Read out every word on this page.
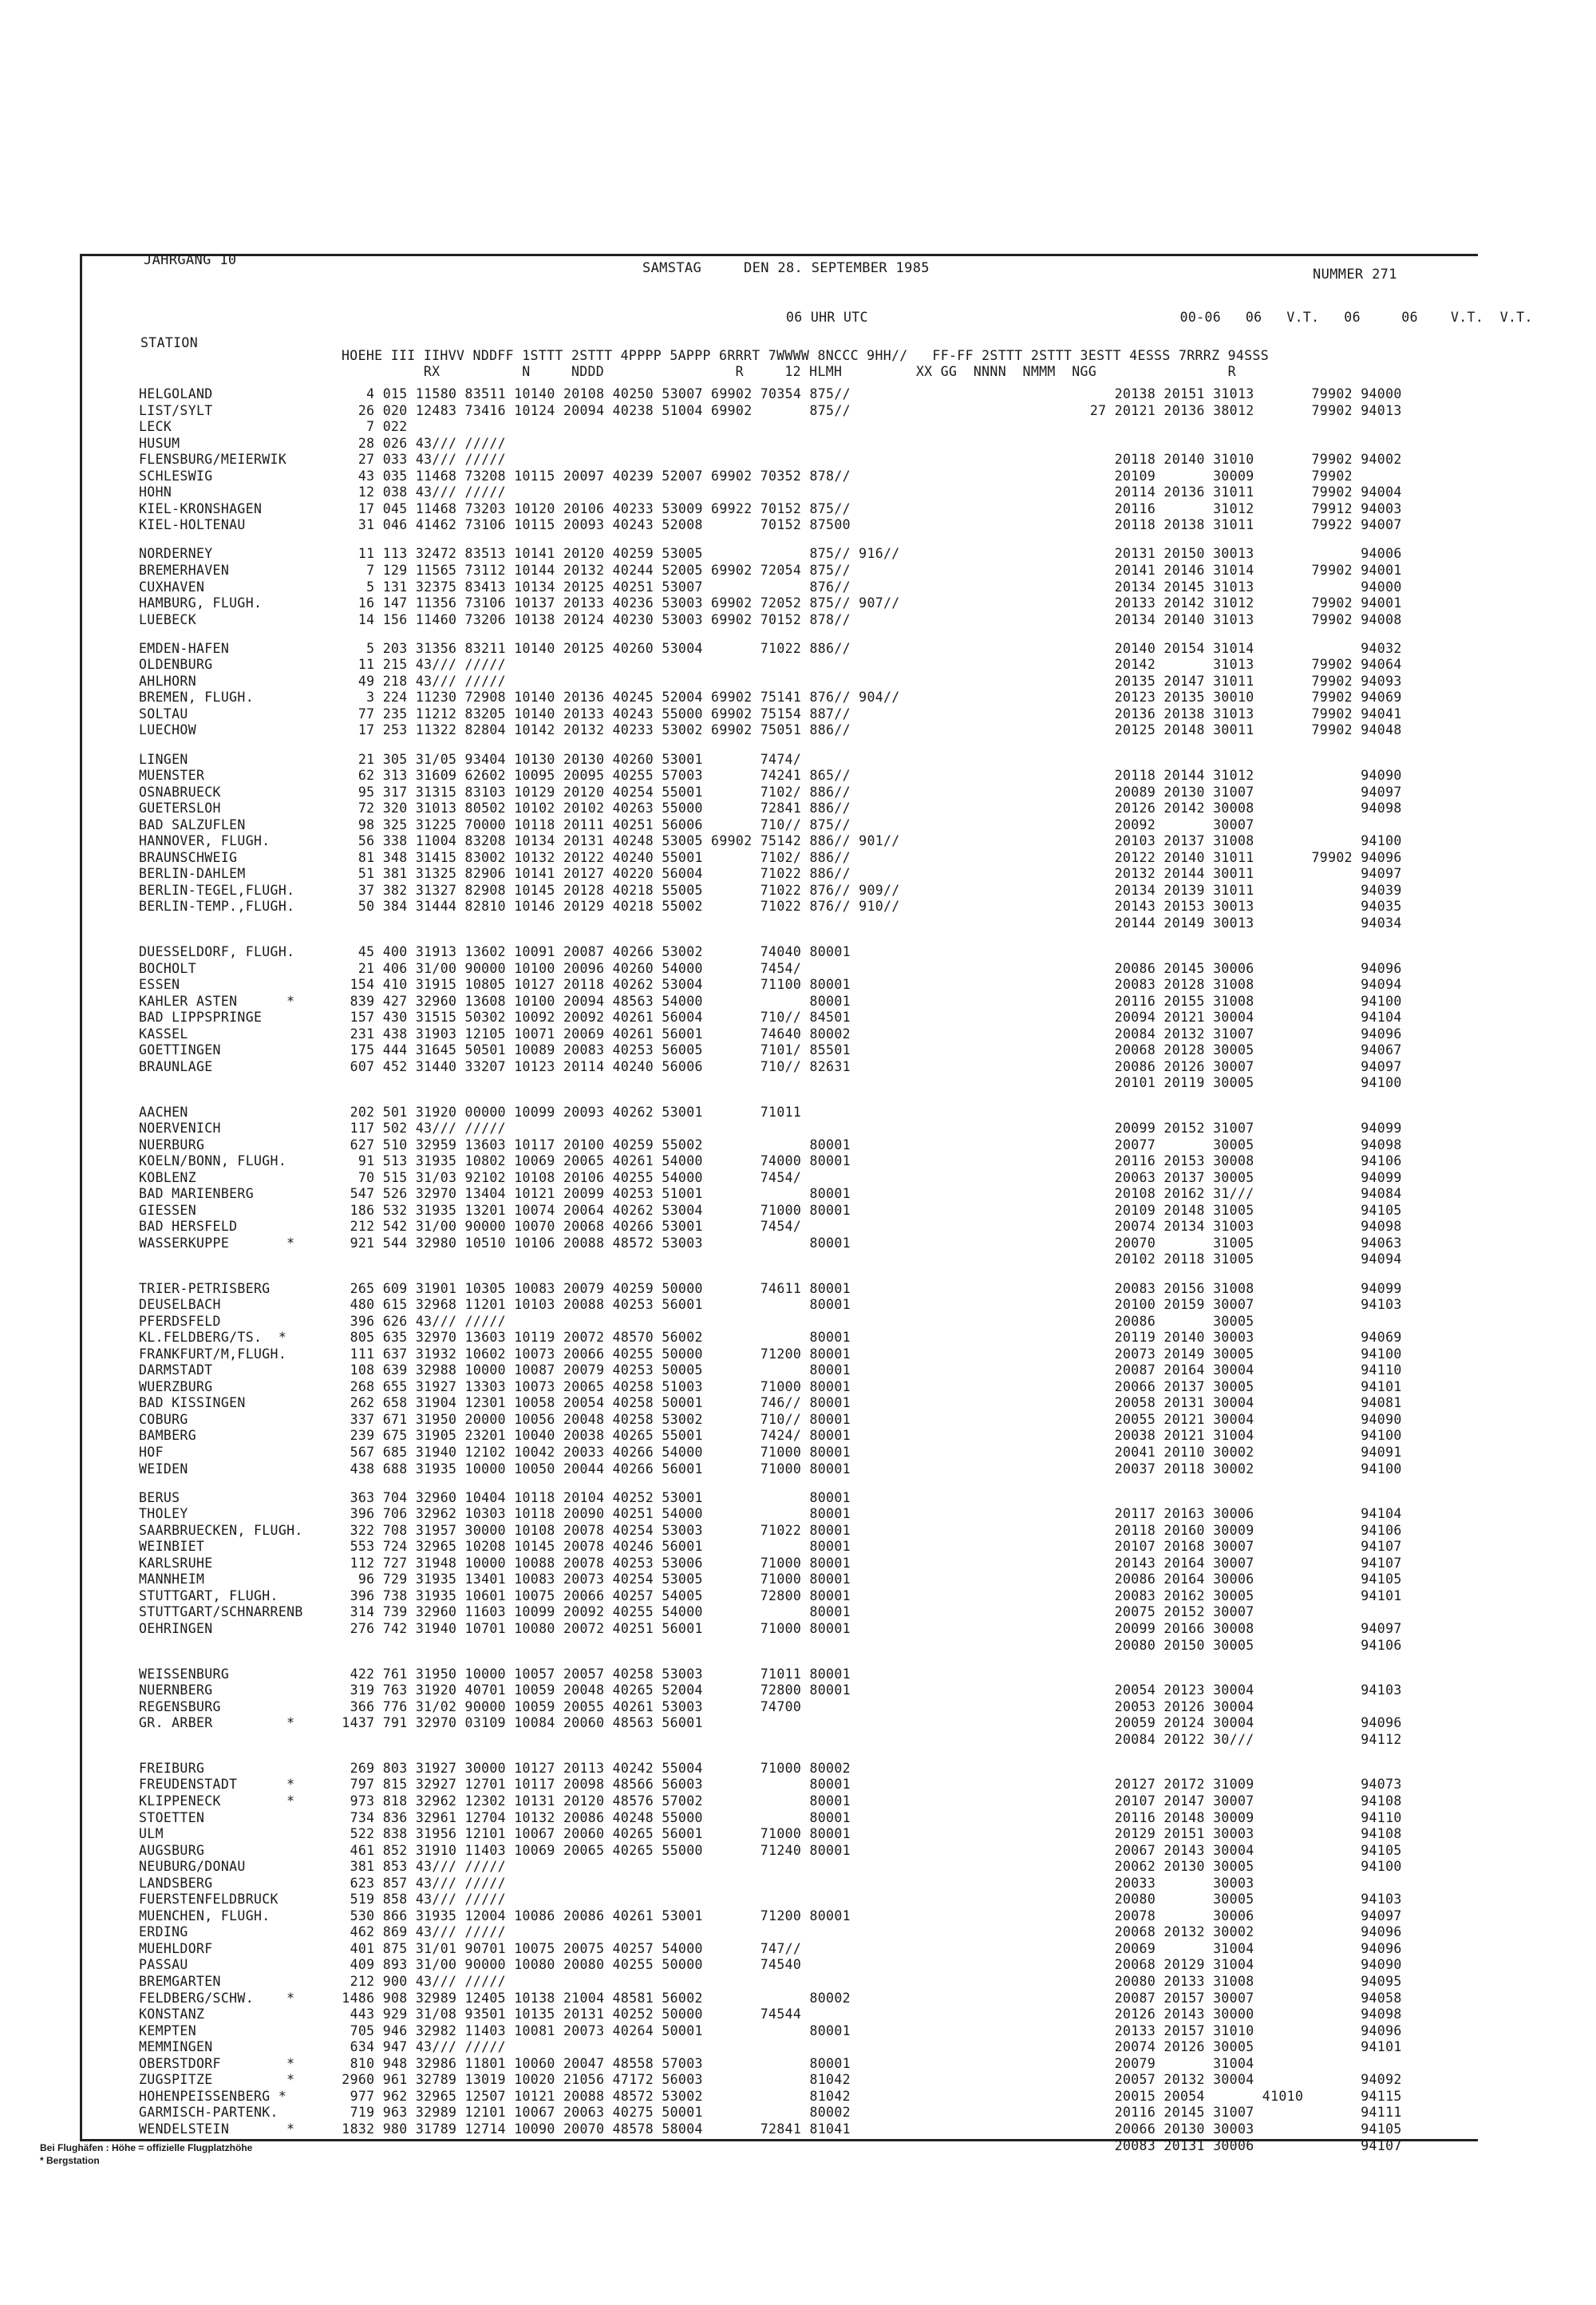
JAHRGANG 10	SAMSTAG     DEN 28. SEPTEMBER 1985	NUMMER 271
06 UHR UTC                                      00-06   06   V.T.   06     06    V.T.  V.T.
STATION
HOEHE III IIHVV NDDFF 1STTT 2STTT 4PPPP 5APPP 6RRRT 7WWWW 8NCCC 9HH//   FF-FF 2STTT 2STTT 3ESTT 4ESSS 7RRRZ 94SSS
RX          N     NDDD                R     12 HLMH         XX GG  NNNN  NMMM  NGG                R
HELGOLAND	4 015 11580 83511 10140 20108 40250 53007 69902 70354 875//	20138 20151 31013       79902 94000
LIST/SYLT	26 020 12483 73416 10124 20094 40238 51004 69902       875//	27 20121 20136 38012       79902 94013
LECK	7 022
HUSUM	28 026 43/// /////
FLENSBURG/MEIERWIK	27 033 43/// /////	20118 20140 31010       79902 94002
SCHLESWIG	43 035 11468 73208 10115 20097 40239 52007 69902 70352 878//	20109       30009       79902
HOHN	12 038 43/// /////	20114 20136 31011       79902 94004
KIEL-KRONSHAGEN	17 045 11468 73203 10120 20106 40233 53009 69922 70152 875//	20116       31012       79912 94003
KIEL-HOLTENAU	31 046 41462 73106 10115 20093 40243 52008       70152 87500	20118 20138 31011       79922 94007
NORDERNEY	11 113 32472 83513 10141 20120 40259 53005             875// 916//	20131 20150 30013             94006
BREMERHAVEN	7 129 11565 73112 10144 20132 40244 52005 69902 72054 875//	20141 20146 31014       79902 94001
CUXHAVEN	5 131 32375 83413 10134 20125 40251 53007             876//	20134 20145 31013             94000
HAMBURG, FLUGH.	16 147 11356 73106 10137 20133 40236 53003 69902 72052 875// 907//	20133 20142 31012       79902 94001
LUEBECK	14 156 11460 73206 10138 20124 40230 53003 69902 70152 878//	20134 20140 31013       79902 94008
EMDEN-HAFEN	5 203 31356 83211 10140 20125 40260 53004       71022 886//	20140 20154 31014             94032
OLDENBURG	11 215 43/// /////	20142       31013       79902 94064
AHLHORN	49 218 43/// /////	20135 20147 31011       79902 94093
BREMEN, FLUGH.	3 224 11230 72908 10140 20136 40245 52004 69902 75141 876// 904//	20123 20135 30010       79902 94069
SOLTAU	77 235 11212 83205 10140 20133 40243 55000 69902 75154 887//	20136 20138 31013       79902 94041
LUECHOW	17 253 11322 82804 10142 20132 40233 53002 69902 75051 886//	20125 20148 30011       79902 94048
LINGEN	21 305 31/05 93404 10130 20130 40260 53001       7474/
MUENSTER	62 313 31609 62602 10095 20095 40255 57003       74241 865//	20118 20144 31012             94090
OSNABRUECK	95 317 31315 83103 10129 20120 40254 55001       7102/ 886//	20089 20130 31007             94097
GUETERSLOH	72 320 31013 80502 10102 20102 40263 55000       72841 886//	20126 20142 30008             94098
BAD SALZUFLEN	98 325 31225 70000 10118 20111 40251 56006       710// 875//	20092       30007
HANNOVER, FLUGH.	56 338 11004 83208 10134 20131 40248 53005 69902 75142 886// 901//	20103 20137 31008             94100
BRAUNSCHWEIG	81 348 31415 83002 10132 20122 40240 55001       7102/ 886//	20122 20140 31011       79902 94096
BERLIN-DAHLEM	51 381 31325 82906 10141 20127 40220 56004       71022 886//	20132 20144 30011             94097
BERLIN-TEGEL,FLUGH.	37 382 31327 82908 10145 20128 40218 55005       71022 876// 909//	20134 20139 31011             94039
BERLIN-TEMP.,FLUGH.	50 384 31444 82810 10146 20129 40218 55002       71022 876// 910//	20143 20153 30013             94035
20144 20149 30013             94034
DUESSELDORF, FLUGH.	45 400 31913 13602 10091 20087 40266 53002       74040 80001
BOCHOLT	21 406 31/00 90000 10100 20096 40260 54000       7454/	20086 20145 30006             94096
ESSEN	154 410 31915 10805 10127 20118 40262 53004       71100 80001	20083 20128 31008             94094
KAHLER ASTEN      *	839 427 32960 13608 10100 20094 48563 54000             80001	20116 20155 31008             94100
BAD LIPPSPRINGE	157 430 31515 50302 10092 20092 40261 56004       710// 84501	20094 20121 30004             94104
KASSEL	231 438 31903 12105 10071 20069 40261 56001       74640 80002	20084 20132 31007             94096
GOETTINGEN	175 444 31645 50501 10089 20083 40253 56005       7101/ 85501	20068 20128 30005             94067
BRAUNLAGE	607 452 31440 33207 10123 20114 40240 56006       710// 82631	20086 20126 30007             94097
20101 20119 30005             94100
AACHEN	202 501 31920 00000 10099 20093 40262 53001       71011
NOERVENICH	117 502 43/// /////	20099 20152 31007             94099
NUERBURG	627 510 32959 13603 10117 20100 40259 55002             80001	20077       30005             94098
KOELN/BONN, FLUGH.	91 513 31935 10802 10069 20065 40261 54000       74000 80001	20116 20153 30008             94106
KOBLENZ	70 515 31/03 92102 10108 20106 40255 54000       7454/	20063 20137 30005             94099
BAD MARIENBERG	547 526 32970 13404 10121 20099 40253 51001             80001	20108 20162 31///             94084
GIESSEN	186 532 31935 13201 10074 20064 40262 53004       71000 80001	20109 20148 31005             94105
BAD HERSFELD	212 542 31/00 90000 10070 20068 40266 53001       7454/	20074 20134 31003             94098
WASSERKUPPE       *	921 544 32980 10510 10106 20088 48572 53003             80001	20070       31005             94063
20102 20118 31005             94094
TRIER-PETRISBERG	265 609 31901 10305 10083 20079 40259 50000       74611 80001	20083 20156 31008             94099
DEUSELBACH	480 615 32968 11201 10103 20088 40253 56001             80001	20100 20159 30007             94103
PFERDSFELD	396 626 43/// /////	20086       30005
KL.FELDBERG/TS.  *	805 635 32970 13603 10119 20072 48570 56002             80001	20119 20140 30003             94069
FRANKFURT/M,FLUGH.	111 637 31932 10602 10073 20066 40255 50000       71200 80001	20073 20149 30005             94100
DARMSTADT	108 639 32988 10000 10087 20079 40253 50005             80001	20087 20164 30004             94110
WUERZBURG	268 655 31927 13303 10073 20065 40258 51003       71000 80001	20066 20137 30005             94101
BAD KISSINGEN	262 658 31904 12301 10058 20054 40258 50001       746// 80001	20058 20131 30004             94081
COBURG	337 671 31950 20000 10056 20048 40258 53002       710// 80001	20055 20121 30004             94090
BAMBERG	239 675 31905 23201 10040 20038 40265 55001       7424/ 80001	20038 20121 31004             94100
HOF	567 685 31940 12102 10042 20033 40266 54000       71000 80001	20041 20110 30002             94091
WEIDEN	438 688 31935 10000 10050 20044 40266 56001       71000 80001	20037 20118 30002             94100
BERUS	363 704 32960 10404 10118 20104 40252 53001             80001
THOLEY	396 706 32962 10303 10118 20090 40251 54000             80001	20117 20163 30006             94104
SAARBRUECKEN, FLUGH. 322 708 31957 30000 10108 20078 40254 53003       71022 80001	20118 20160 30009             94106
WEINBIET	553 724 32965 10208 10145 20078 40246 56001             80001	20107 20168 30007             94107
KARLSRUHE	112 727 31948 10000 10088 20078 40253 53006       71000 80001	20143 20164 30007             94107
MANNHEIM	96 729 31935 13401 10083 20073 40254 53005       71000 80001	20086 20164 30006             94105
STUTTGART, FLUGH.	396 738 31935 10601 10075 20066 40257 54005       72800 80001	20083 20162 30005             94101
STUTTGART/SCHNARRENB 314 739 32960 11603 10099 20092 40255 54000             80001	20075 20152 30007
OEHRINGEN	276 742 31940 10701 10080 20072 40251 56001       71000 80001	20099 20166 30008             94097
20080 20150 30005             94106
WEISSENBURG	422 761 31950 10000 10057 20057 40258 53003       71011 80001
NUERNBERG	319 763 31920 40701 10059 20048 40265 52004       72800 80001	20054 20123 30004             94103
REGENSBURG	366 776 31/02 90000 10059 20055 40261 53003       74700	20053 20126 30004
GR. ARBER         *	1437 791 32970 03109 10084 20060 48563 56001	20059 20124 30004             94096
20084 20122 30///             94112
FREIBURG	269 803 31927 30000 10127 20113 40242 55004       71000 80002
FREUDENSTADT      *	797 815 32927 12701 10117 20098 48566 56003             80001	20127 20172 31009             94073
KLIPPENECK        *	973 818 32962 12302 10131 20120 48576 57002             80001	20107 20147 30007             94108
STOETTEN	734 836 32961 12704 10132 20086 40248 55000             80001	20116 20148 30009             94110
ULM	522 838 31956 12101 10067 20060 40265 56001       71000 80001	20129 20151 30003             94108
AUGSBURG	461 852 31910 11403 10069 20065 40265 55000       71240 80001	20067 20143 30004             94105
NEUBURG/DONAU	381 853 43/// /////	20062 20130 30005             94100
LANDSBERG	623 857 43/// /////	20033       30003
FUERSTENFELDBRUCK	519 858 43/// /////	20080       30005             94103
MUENCHEN, FLUGH.	530 866 31935 12004 10086 20086 40261 53001       71200 80001	20078       30006             94097
ERDING	462 869 43/// /////	20068 20132 30002             94096
MUEHLDORF	401 875 31/01 90701 10075 20075 40257 54000       747//	20069       31004             94096
PASSAU	409 893 31/00 90000 10080 20080 40255 50000       74540	20068 20129 31004             94090
BREMGARTEN	212 900 43/// /////	20080 20133 31008             94095
FELDBERG/SCHW.    *	1486 908 32989 12405 10138 21004 48581 56002             80002	20087 20157 30007             94058
KONSTANZ	443 929 31/08 93501 10135 20131 40252 50000       74544	20126 20143 30000             94098
KEMPTEN	705 946 32982 11403 10081 20073 40264 50001             80001	20133 20157 31010             94096
MEMMINGEN	634 947 43/// /////	20074 20126 30005             94101
OBERSTDORF        *	810 948 32986 11801 10060 20047 48558 57003             80001	20079       31004
ZUGSPITZE         *	2960 961 32789 13019 10020 21056 47172 56003             81042	20057 20132 30004             94092
HOHENPEISSENBERG *	977 962 32965 12507 10121 20088 48572 53002             81042	20015 20054       41010       94115
GARMISCH-PARTENK.	719 963 32989 12101 10067 20063 40275 50001             80002	20116 20145 31007             94111
WENDELSTEIN       *	1832 980 31789 12714 10090 20070 48578 58004       72841 81041	20066 20130 30003             94105
20083 20131 30006             94107
Bei Flughäfen : Höhe = offizielle Flugplatzhöhe
* Bergstation
